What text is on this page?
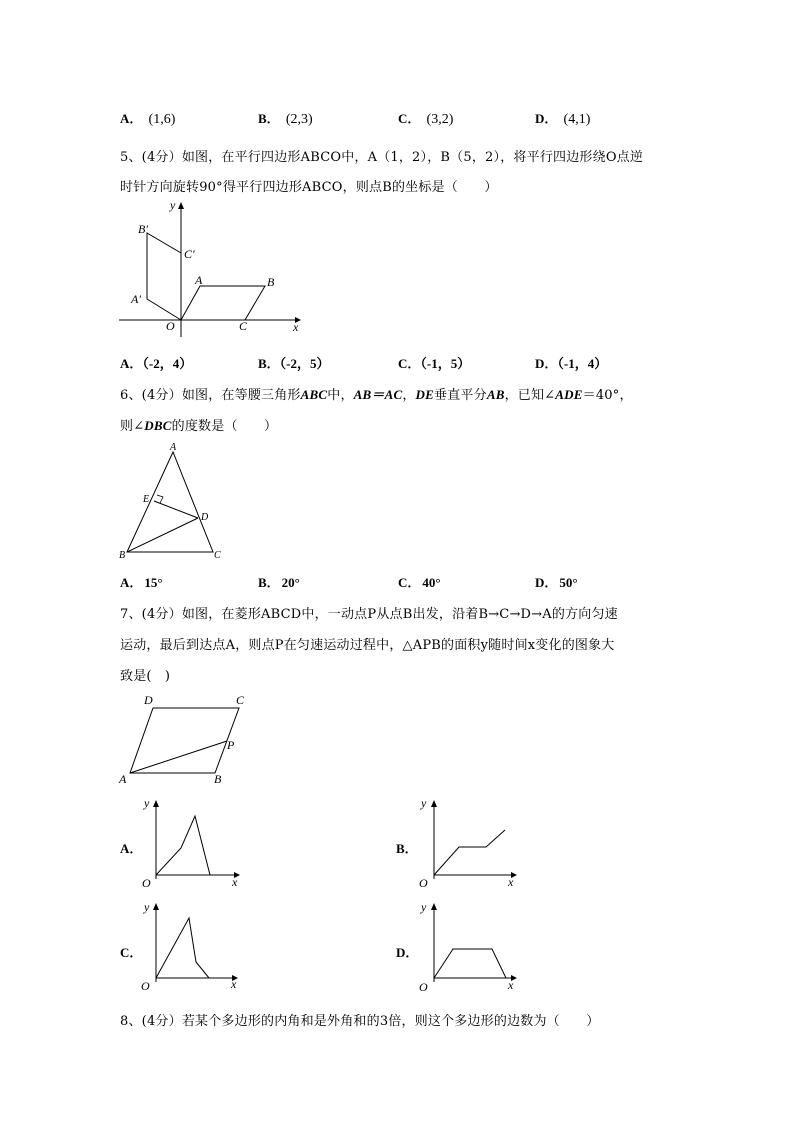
A． (1,6)	B． (2,3)	C． (3,2)	D． (4,1)
5、(4分）如图，在平行四边形ABCO中，A（1，2），B（5，2），将平行四边形绕O点逆
时针方向旋转90°得平行四边形ABCO，则点B的坐标是（　　）
y
B′
C′
A	B
A′
O	C	x
A．（-2，4）	B．（-2，5）	C．（-1，5）	D．（-1，4）
6、(4分）如图，在等腰三角形ABC中，AB＝AC，DE垂直平分AB，已知∠ADE＝40°，
则∠DBC的度数是（　　）
A
E
D
B	C
A． 15°	B． 20°	C． 40°	D． 50°
7、(4分）如图，在菱形ABCD中，一动点P从点B出发，沿着B→C→D→A的方向匀速
运动，最后到达点A，则点P在匀速运动过程中，△APB的面积y随时间x变化的图象大
致是(　)
D	C
P
A	B
A．
y
x
O
B．
y
x
O
C．
y
x
O
D．
y
x
O
8、(4分）若某个多边形的内角和是外角和的3倍，则这个多边形的边数为（　　）
